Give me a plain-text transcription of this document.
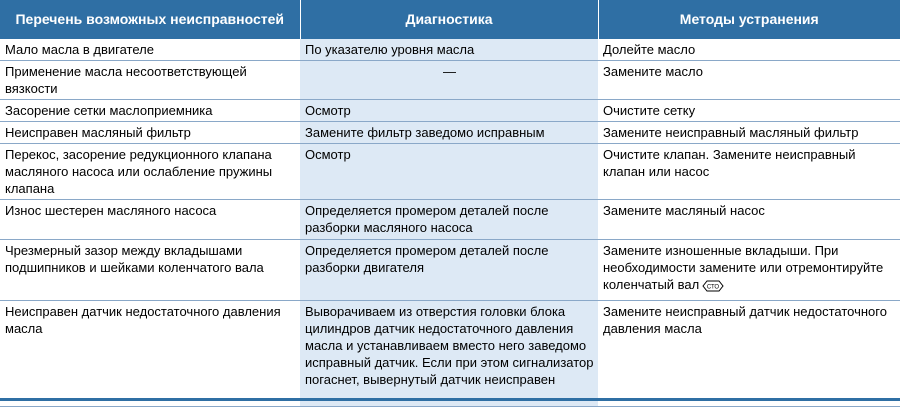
Перечень возможных неисправностей	Диагностика	Методы устранения
Мало масла в двигателе	По указателю уровня масла	Долейте масло
Применение масла несоответствующей вязкости	—	Замените масло
Засорение сетки маслоприемника	Осмотр	Очистите сетку
Неисправен масляный фильтр	Замените фильтр заведомо исправным	Замените неисправный масляный фильтр
Перекос, засорение редукционного клапана масляного насоса или ослабление пружины клапана	Осмотр	Очистите клапан. Замените неисправный клапан или насос
Износ шестерен масляного насоса	Определяется промером деталей после разборки масляного насоса	Замените масляный насос
Чрезмерный зазор между вкладышами подшипников и шейками коленчатого вала	Определяется промером деталей после разборки двигателя	Замените изношенные вкладыши. При необходимости замените или отремонтируйте коленчатый вал СТО

Неисправен датчик недостаточного давления масла	Выворачиваем из отверстия головки блока цилиндров датчик недостаточного давления масла и устанавливаем вместо него заведомо исправный датчик. Если при этом сигнализатор погаснет, вывернутый датчик неисправен	Замените неисправный датчик недостаточного давления масла
